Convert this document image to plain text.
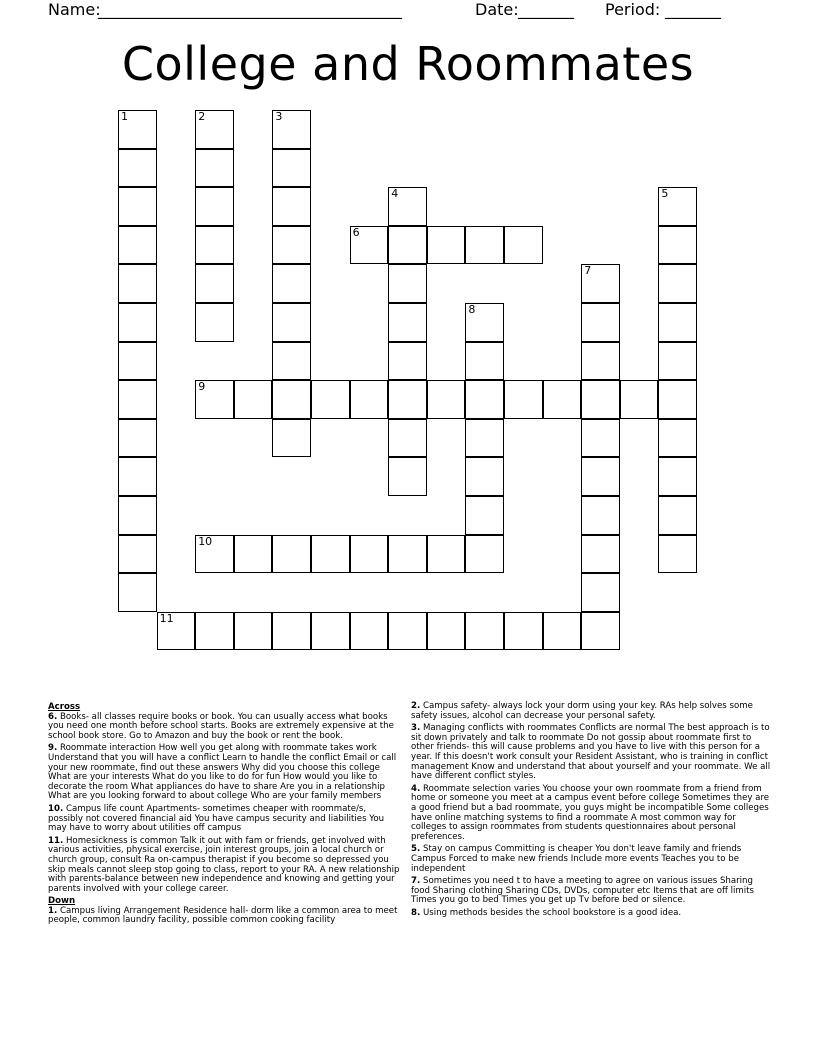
Name:
______________________________________	Date: _______ Period: _______
College and Roommates
1	2	3
4	5
6
7
8
9
10
11
Across
6. Books- all classes require books or book. You can usually access what books you need one month before school starts. Books are extremely expensive at the school book store. Go to Amazon and buy the book or rent the book.
9. Roommate interaction How well you get along with roommate takes work Understand that you will have a conflict Learn to handle the conflict Email or call your new roommate, find out these answers Why did you choose this college What are your interests What do you like to do for fun How would you like to decorate the room What appliances do have to share Are you in a relationship What are you looking forward to about college Who are your family members
10. Campus life count Apartments- sometimes cheaper with roommate/s, possibly not covered financial aid You have campus security and liabilities You may have to worry about utilities off campus
11. Homesickness is common Talk it out with fam or friends, get involved with various activities, physical exercise, join interest groups, join a local church or church group, consult Ra on-campus therapist if you become so depressed you skip meals cannot sleep stop going to class, report to your RA. A new relationship with parents-balance between new independence and knowing and getting your parents involved with your college career.
Down
1. Campus living Arrangement Residence hall- dorm like a common area to meet people, common laundry facility, possible common cooking facility
2. Campus safety- always lock your dorm using your key. RAs help solves some safety issues, alcohol can decrease your personal safety.
3. Managing conflicts with roommates Conflicts are normal The best approach is to sit down privately and talk to roommate Do not gossip about roommate first to other friends- this will cause problems and you have to live with this person for a year. If this doesn't work consult your Resident Assistant, who is training in conflict management Know and understand that about yourself and your roommate. We all have different conflict styles.
4. Roommate selection varies You choose your own roommate from a friend from home or someone you meet at a campus event before college Sometimes they are a good friend but a bad roommate, you guys might be incompatible Some colleges have online matching systems to find a roommate A most common way for colleges to assign roommates from students questionnaires about personal preferences.
5. Stay on campus Committing is cheaper You don't leave family and friends Campus Forced to make new friends Include more events Teaches you to be independent
7. Sometimes you need t to have a meeting to agree on various issues Sharing food Sharing clothing Sharing CDs, DVDs, computer etc Items that are off limits Times you go to bed Times you get up Tv before bed or silence.
8. Using methods besides the school bookstore is a good idea.
